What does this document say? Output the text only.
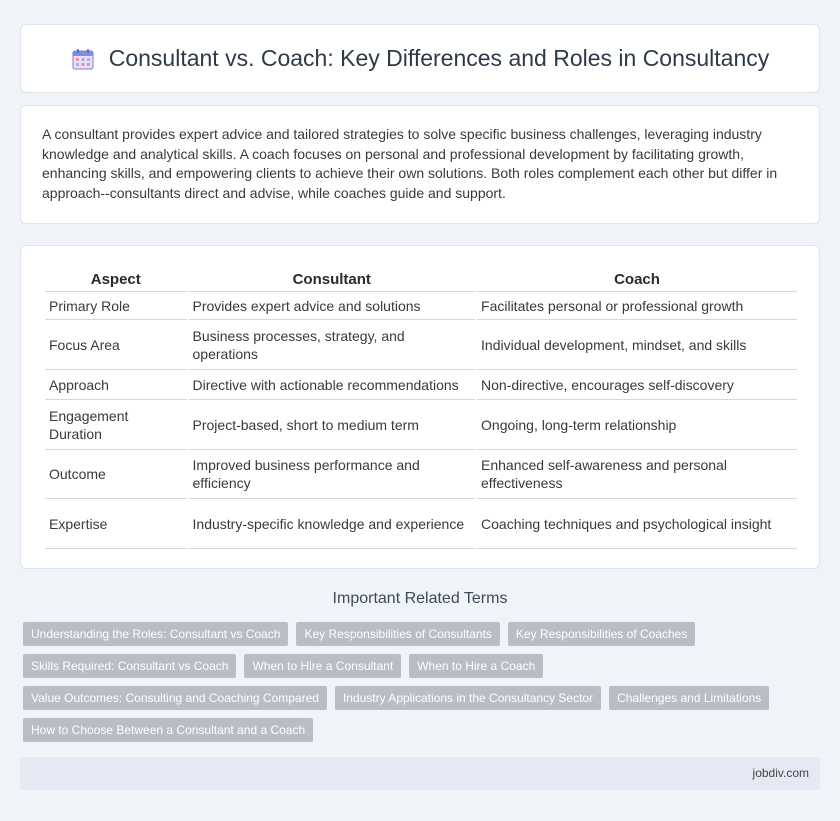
Consultant vs. Coach: Key Differences and Roles in Consultancy

A consultant provides expert advice and tailored strategies to solve specific business challenges, leveraging industry knowledge and analytical skills. A coach focuses on personal and professional development by facilitating growth, enhancing skills, and empowering clients to achieve their own solutions. Both roles complement each other but differ in approach--consultants direct and advise, while coaches guide and support.

Aspect	Consultant	Coach
Primary Role	Provides expert advice and solutions	Facilitates personal or professional growth
Focus Area	Business processes, strategy, and operations	Individual development, mindset, and skills
Approach	Directive with actionable recommendations	Non-directive, encourages self-discovery
Engagement Duration	Project-based, short to medium term	Ongoing, long-term relationship
Outcome	Improved business performance and efficiency	Enhanced self-awareness and personal effectiveness
Expertise	Industry-specific knowledge and experience	Coaching techniques and psychological insight
Important Related Terms
Understanding the Roles: Consultant vs Coach	Key Responsibilities of Consultants	Key Responsibilities of Coaches
Skills Required: Consultant vs Coach	When to Hire a Consultant	When to Hire a Coach
Value Outcomes: Consulting and Coaching Compared	Industry Applications in the Consultancy Sector	Challenges and Limitations
How to Choose Between a Consultant and a Coach
jobdiv.com
